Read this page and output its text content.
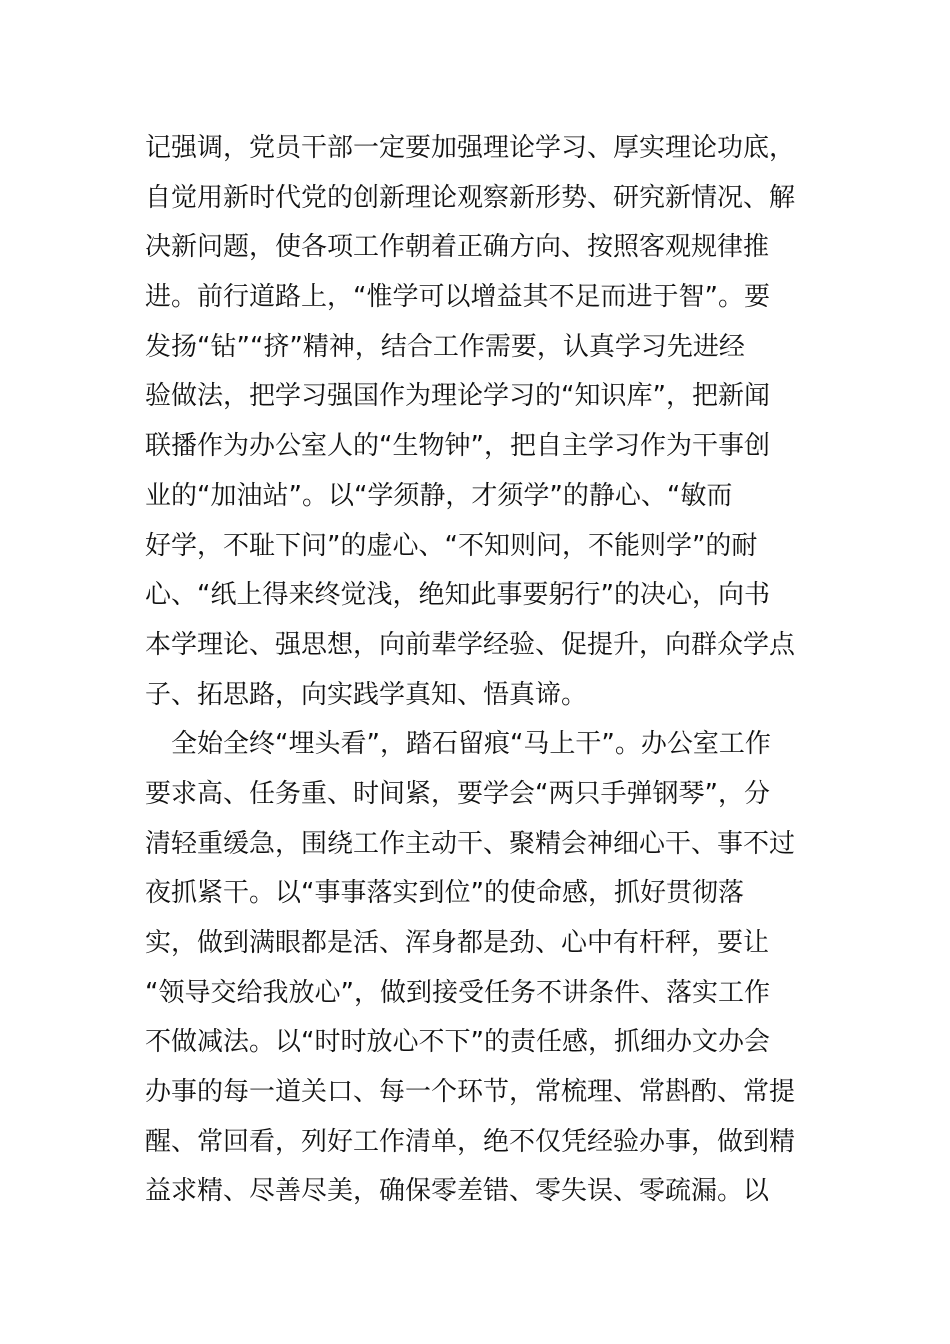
记强调，党员干部一定要加强理论学习、厚实理论功底，
自觉用新时代党的创新理论观察新形势、研究新情况、解
决新问题，使各项工作朝着正确方向、按照客观规律推
进。前行道路上，“惟学可以增益其不足而进于智”。要
发扬“钻”“挤”精神，结合工作需要，认真学习先进经
验做法，把学习强国作为理论学习的“知识库”，把新闻
联播作为办公室人的“生物钟”，把自主学习作为干事创
业的“加油站”。以“学须静，才须学”的静心、“敏而
好学，不耻下问”的虚心、“不知则问，不能则学”的耐
心、“纸上得来终觉浅，绝知此事要躬行”的决心，向书
本学理论、强思想，向前辈学经验、促提升，向群众学点
子、拓思路，向实践学真知、悟真谛。
全始全终“埋头看”，踏石留痕“马上干”。办公室工作
要求高、任务重、时间紧，要学会“两只手弹钢琴”，分
清轻重缓急，围绕工作主动干、聚精会神细心干、事不过
夜抓紧干。以“事事落实到位”的使命感，抓好贯彻落
实，做到满眼都是活、浑身都是劲、心中有杆秤，要让
“领导交给我放心”，做到接受任务不讲条件、落实工作
不做减法。以“时时放心不下”的责任感，抓细办文办会
办事的每一道关口、每一个环节，常梳理、常斟酌、常提
醒、常回看，列好工作清单，绝不仅凭经验办事，做到精
益求精、尽善尽美，确保零差错、零失误、零疏漏。以
